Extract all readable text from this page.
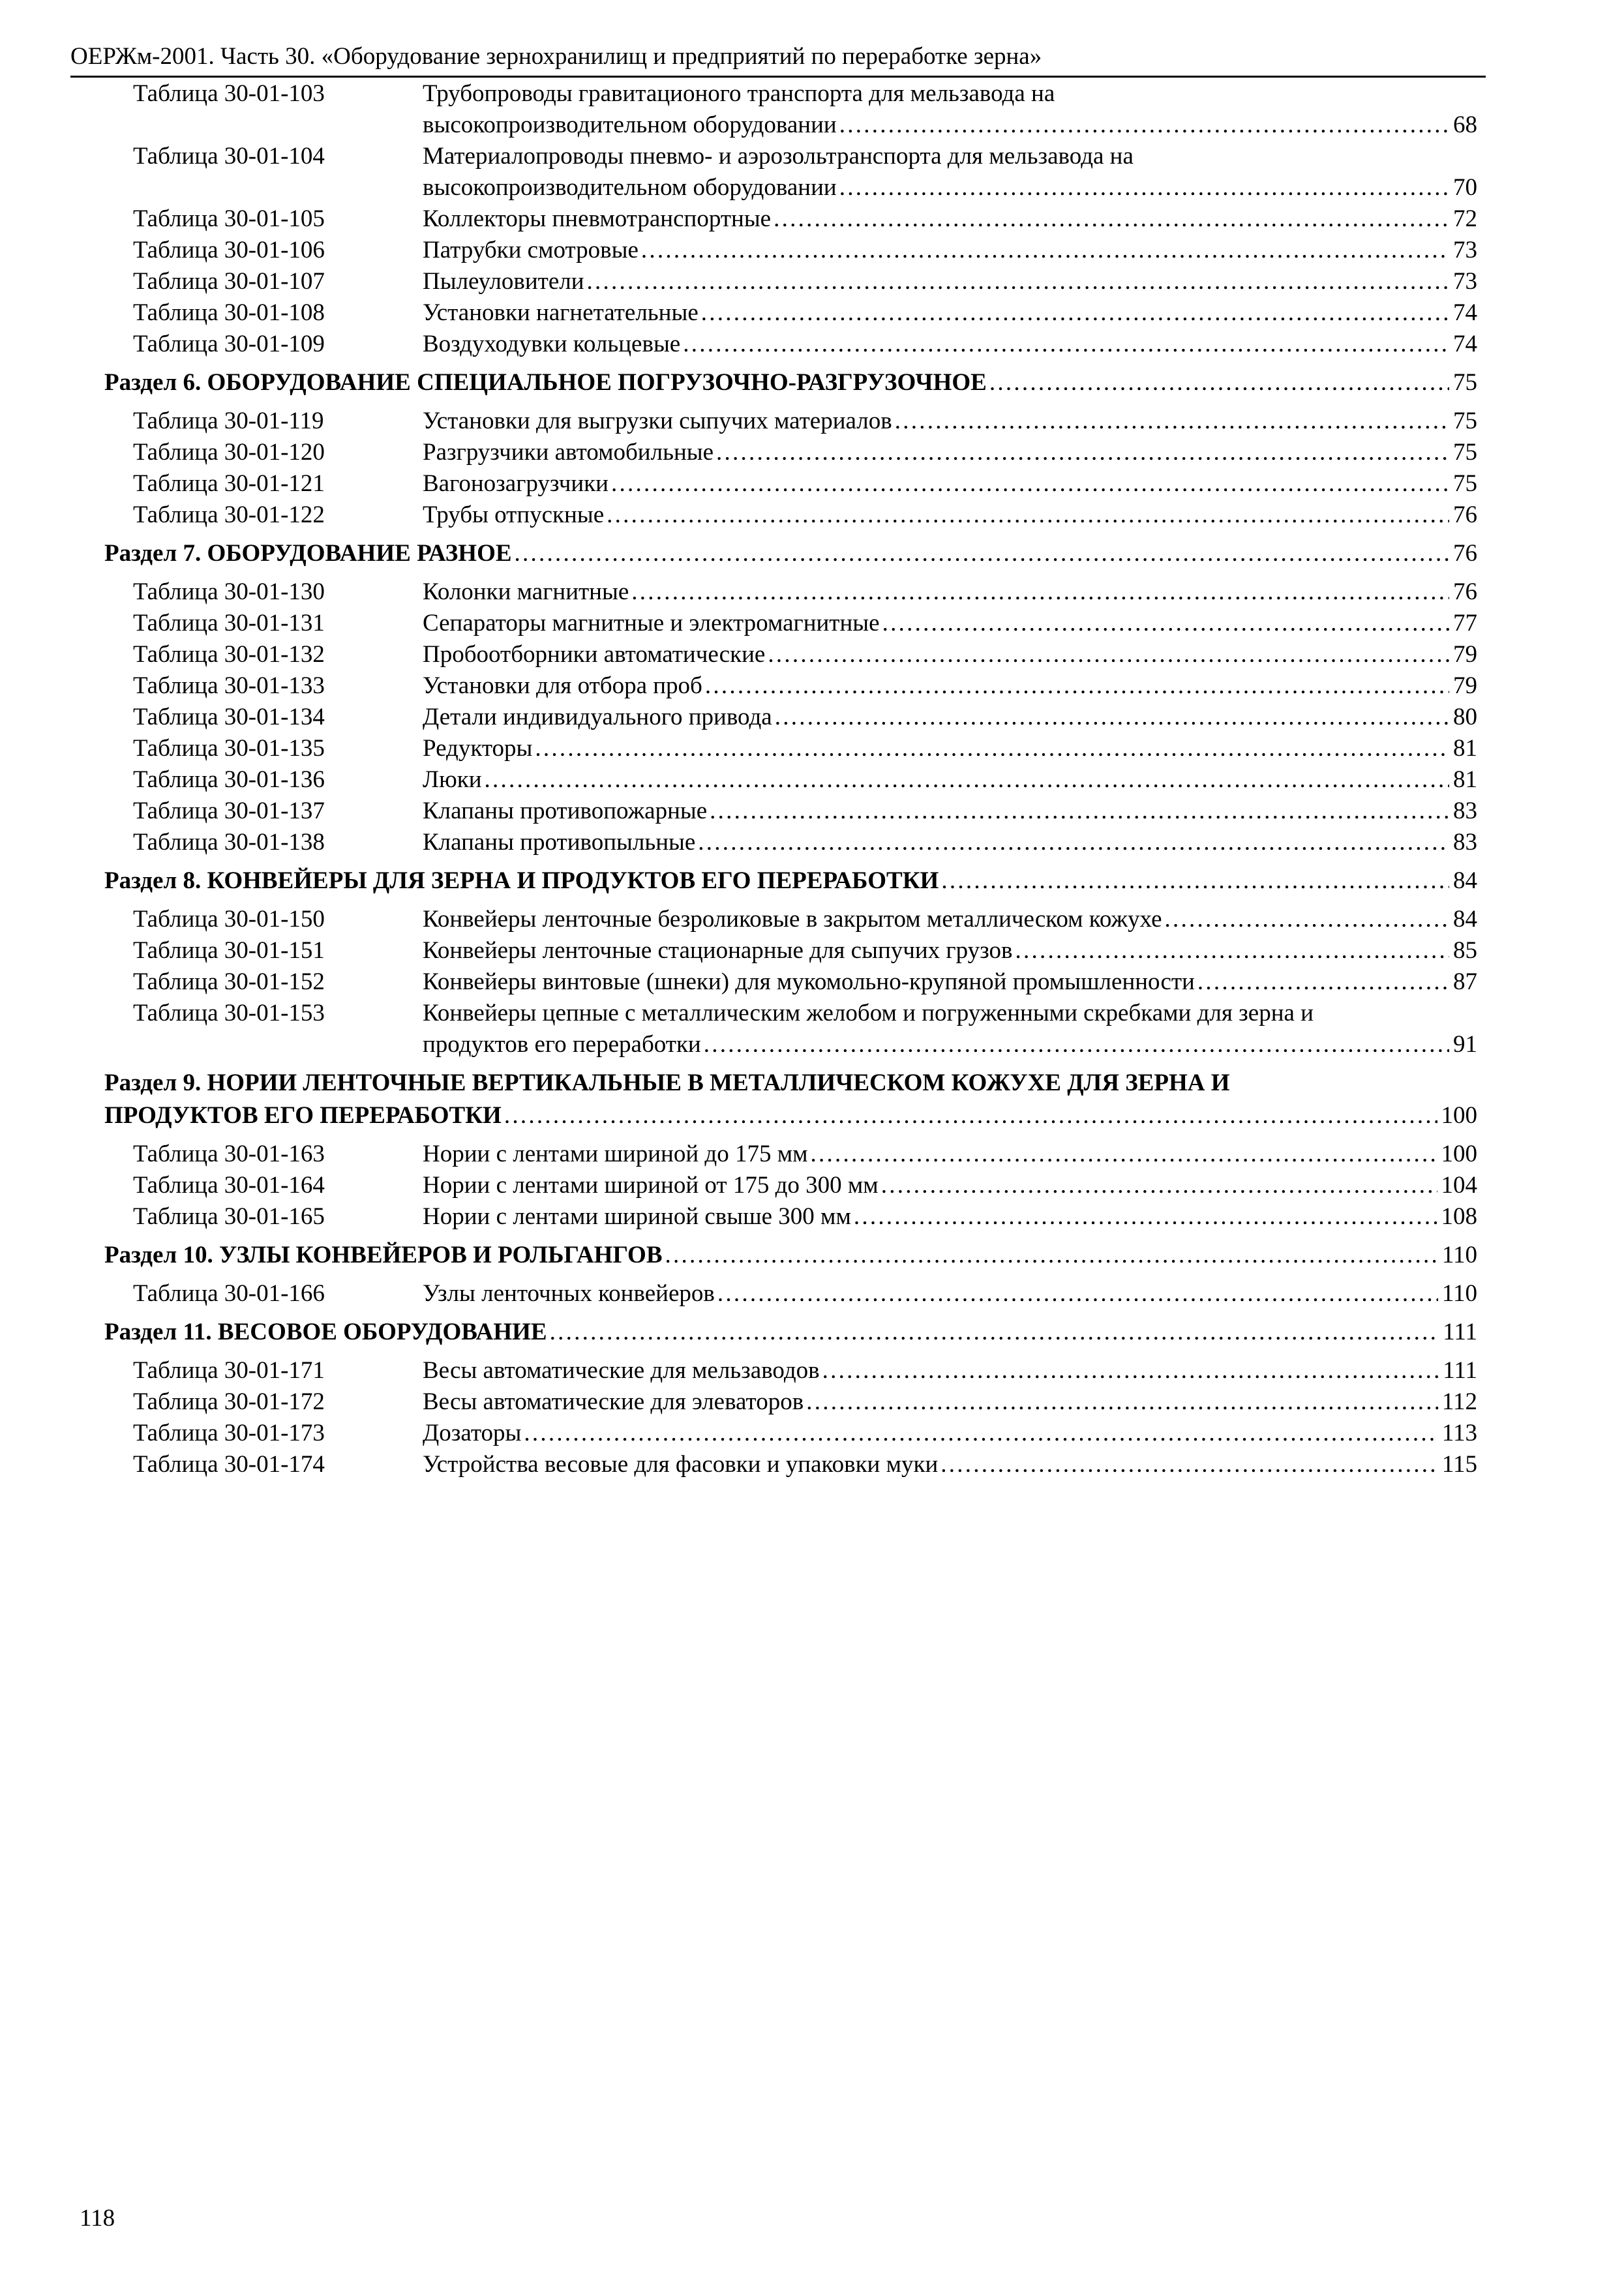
ОЕРЖм-2001. Часть 30. «Оборудование зернохранилищ и предприятий по переработке зерна»
Таблица 30-01-103	Трубопроводы гравитационого транспорта для мельзавода на
высокопроизводительном оборудовании . . .	68
Таблица 30-01-104	Материалопроводы пневмо- и аэрозольтранспорта для мельзавода на
высокопроизводительном оборудовании . . .	70
Таблица 30-01-105	Коллекторы пневмотранспортные . . .	72
Таблица 30-01-106	Патрубки смотровые . . .	73
Таблица 30-01-107	Пылеуловители . . .	73
Таблица 30-01-108	Установки нагнетательные . . .	74
Таблица 30-01-109	Воздуходувки кольцевые . . .	74
Раздел 6. ОБОРУДОВАНИЕ СПЕЦИАЛЬНОЕ ПОГРУЗОЧНО-РАЗГРУЗОЧНОЕ . . .	75
Таблица 30-01-119	Установки для выгрузки сыпучих материалов . . .	75
Таблица 30-01-120	Разгрузчики автомобильные . . .	75
Таблица 30-01-121	Вагонозагрузчики . . .	75
Таблица 30-01-122	Трубы отпускные . . .	76
Раздел 7. ОБОРУДОВАНИЕ РАЗНОЕ . . .	76
Таблица 30-01-130	Колонки магнитные . . .	76
Таблица 30-01-131	Сепараторы магнитные и электромагнитные . . .	77
Таблица 30-01-132	Пробоотборники автоматические . . .	79
Таблица 30-01-133	Установки для отбора проб . . .	79
Таблица 30-01-134	Детали индивидуального привода . . .	80
Таблица 30-01-135	Редукторы . . .	81
Таблица 30-01-136	Люки . . .	81
Таблица 30-01-137	Клапаны противопожарные . . .	83
Таблица 30-01-138	Клапаны противопыльные . . .	83
Раздел 8. КОНВЕЙЕРЫ ДЛЯ ЗЕРНА И ПРОДУКТОВ ЕГО ПЕРЕРАБОТКИ . . .	84
Таблица 30-01-150	Конвейеры ленточные безроликовые в закрытом металлическом кожухе . . .	84
Таблица 30-01-151	Конвейеры ленточные стационарные для сыпучих грузов . . .	85
Таблица 30-01-152	Конвейеры винтовые (шнеки) для мукомольно-крупяной промышленности . . .	87
Таблица 30-01-153	Конвейеры цепные с металлическим желобом и погруженными скребками для зерна и
продуктов его переработки . . .	91
Раздел 9. НОРИИ ЛЕНТОЧНЫЕ ВЕРТИКАЛЬНЫЕ В МЕТАЛЛИЧЕСКОМ КОЖУХЕ ДЛЯ ЗЕРНА И
ПРОДУКТОВ ЕГО ПЕРЕРАБОТКИ . . .	100
Таблица 30-01-163	Нории с лентами шириной до 175 мм . . .	100
Таблица 30-01-164	Нории с лентами шириной от 175 до 300 мм . . .	104
Таблица 30-01-165	Нории с лентами шириной свыше 300 мм . . .	108
Раздел 10. УЗЛЫ КОНВЕЙЕРОВ И РОЛЬГАНГОВ . . .	110
Таблица 30-01-166	Узлы ленточных конвейеров . . .	110
Раздел 11. ВЕСОВОЕ ОБОРУДОВАНИЕ . . .	111
Таблица 30-01-171	Весы автоматические для мельзаводов . . .	111
Таблица 30-01-172	Весы автоматические для элеваторов . . .	112
Таблица 30-01-173	Дозаторы . . .	113
Таблица 30-01-174	Устройства весовые для фасовки и упаковки муки . . .	115
118
